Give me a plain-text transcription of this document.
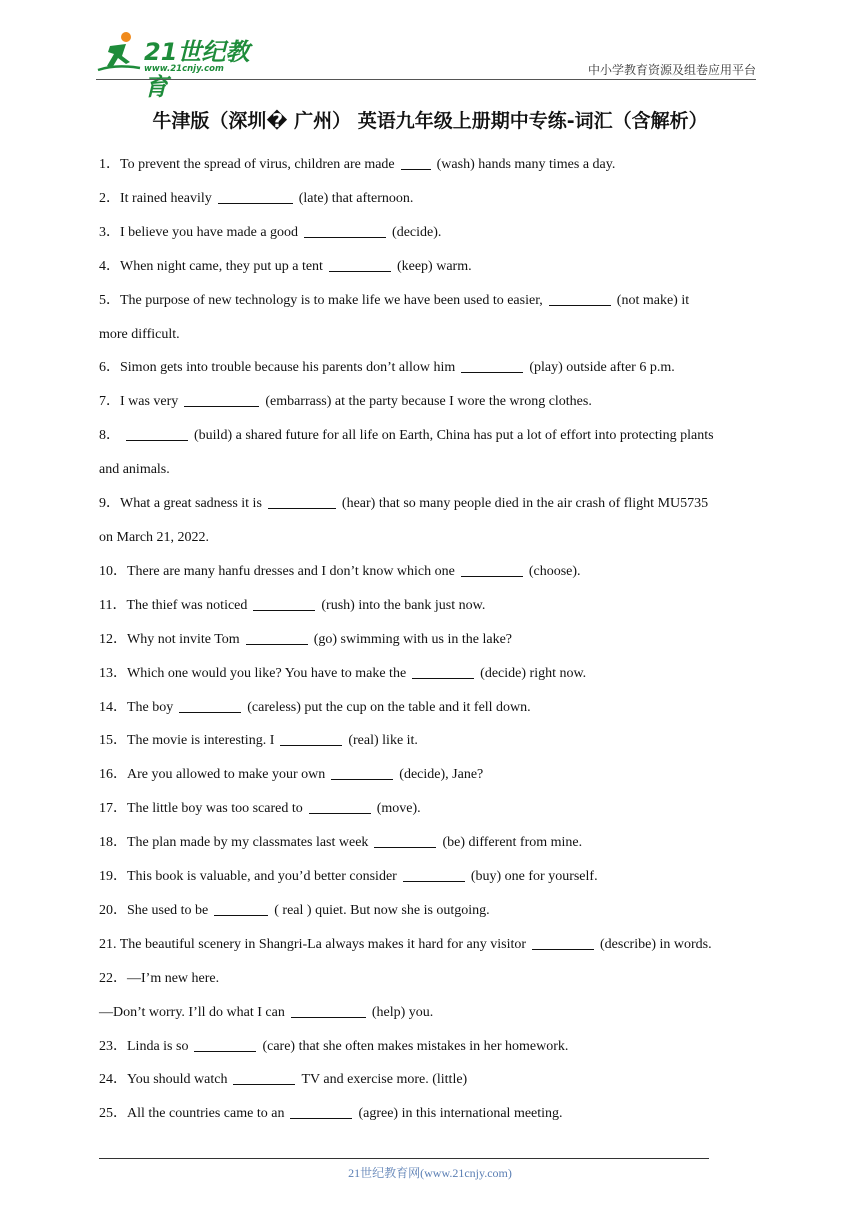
21世纪教育
www.21cnjy.com	中小学教育资源及组卷应用平台
牛津版（深圳� 广州） 英语九年级上册期中专练-词汇（含解析）
1．To prevent the spread of virus, children are made	(wash) hands many times a day.
2．It rained heavily	(late) that afternoon.
3．I believe you have made a good	(decide).
4．When night came, they put up a tent	(keep) warm.
5．The purpose of new technology is to make life we have been used to easier,	(not make) it
more difficult.
6．Simon gets into trouble because his parents don’t allow him	(play) outside after 6 p.m.
7．I was very	(embarrass) at the party because I wore the wrong clothes.
8．	(build) a shared future for all life on Earth, China has put a lot of effort into protecting plants
and animals.
9．What a great sadness it is	(hear) that so many people died in the air crash of flight MU5735
on March 21, 2022.
10．There are many hanfu dresses and I don’t know which one	(choose).
11．The thief was noticed	(rush) into the bank just now.
12．Why not invite Tom	(go) swimming with us in the lake?
13．Which one would you like? You have to make the	(decide) right now.
14．The boy	(careless) put the cup on the table and it fell down.
15．The movie is interesting. I	(real) like it.
16．Are you allowed to make your own	(decide), Jane?
17．The little boy was too scared to	(move).
18．The plan made by my classmates last week	(be) different from mine.
19．This book is valuable, and you’d better consider	(buy) one for yourself.
20．She used to be	( real ) quiet. But now she is outgoing.
21. The beautiful scenery in Shangri-La always makes it hard for any visitor	(describe) in words.
22．—I’m new here.
—Don’t worry. I’ll do what I can	(help) you.
23．Linda is so	(care) that she often makes mistakes in her homework.
24．You should watch	TV and exercise more. (little)
25．All the countries came to an	(agree) in this international meeting.
21世纪教育网(www.21cnjy.com)
